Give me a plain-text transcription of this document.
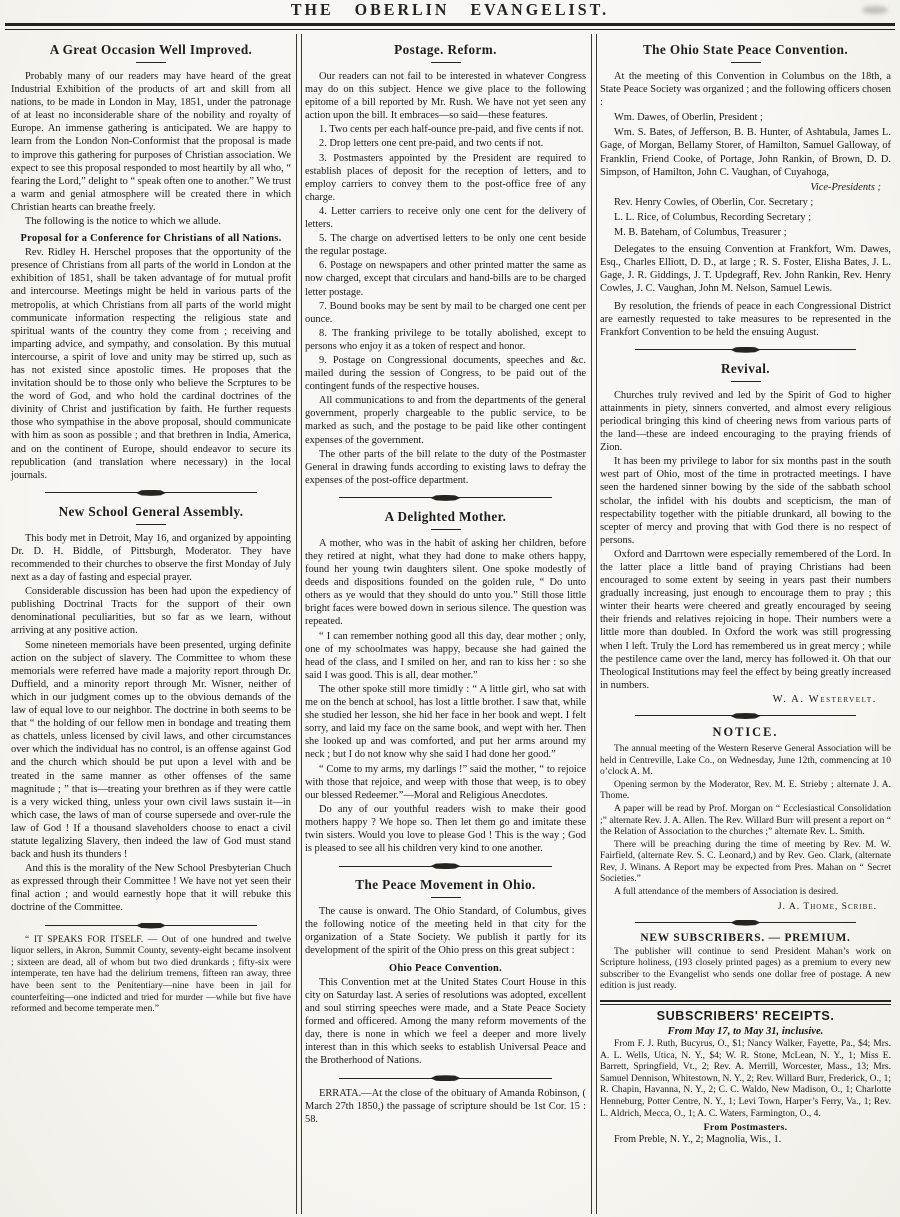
THE OBERLIN EVANGELIST.
A Great Occasion Well Improved.

Probably many of our readers may have heard of the great Industrial Exhibition of the products of art and skill from all nations, to be made in London in May, 1851, under the patronage of at least no inconsiderable share of the nobility and royalty of Europe. An immense gathering is anticipated. We are happy to learn from the London Non-Conformist that the proposal is made to improve this gathering for purposes of Christian association. We expect to see this proposal responded to most heartily by all who, “ fearing the Lord,” delight to “ speak often one to another.” We trust a warm and genial atmosphere will be created there in which Christian hearts can breathe freely.

The following is the notice to which we allude.

Proposal for a Conference for Christians of all Nations.

Rev. Ridley H. Herschel proposes that the opportunity of the presence of Christians from all parts of the world in London at the exhibition of 1851, shall be taken advantage of for mutual profit and intercourse. Meetings might be held in various parts of the metropolis, at which Christians from all parts of the world might communicate information respecting the religious state and spiritual wants of the country they come from ; receiving and imparting advice, and sympathy, and consolation. By this mutual intercourse, a spirit of love and unity may be stirred up, such as has not existed since apostolic times. He proposes that the invitation should be to those only who believe the Scrptures to be the word of God, and who hold the cardinal doctrines of the divinity of Christ and justification by faith. He further requests those who sympathise in the above proposal, should communicate with him as soon as possible ; and that brethren in India, America, and on the continent of Europe, should endeavor to secure its republication (and translation where necessary) in the local journals.

New School General Assembly.

This body met in Detroit, May 16, and organized by appointing Dr. D. H. Biddle, of Pittsburgh, Moderator. They have recommended to their churches to observe the first Monday of July next as a day of fasting and especial prayer.

Considerable discussion has been had upon the expediency of publishing Doctrinal Tracts for the support of their own denominational peculiarities, but so far as we learn, without arriving at any positive action.

Some nineteen memorials have been presented, urging definite action on the subject of slavery. The Committee to whom these memorials were referred have made a majority report through Dr. Duffield, and a minority report through Mr. Wisner, neither of which in our judgment comes up to the obvious demands of the law of equal love to our neighbor. The doctrine in both seems to be that “ the holding of our fellow men in bondage and treating them as chattels, unless licensed by civil laws, and other circumstances over which the individual has no control, is an offense against God and the church which should be put upon a level with and be treated in the same manner as other offenses of the same magnitude ; ” that is—treating your brethren as if they were cattle is a very wicked thing, unless your own civil laws sustain it—in which case, the laws of man of course supersede and over-rule the law of God ! If a thousand slaveholders choose to enact a civil statute legalizing Slavery, then indeed the law of God must stand back and hush its thunders !

And this is the morality of the New School Presbyterian Chuch as expressed through their Committee ! We have not yet seen their final action ; and would earnestly hope that it will rebuke this doctrine of the Committee.

“ IT SPEAKS FOR ITSELF. — Out of one hundred and twelve liquor sellers, in Akron, Summit County, seventy-eight became insolvent ; sixteen are dead, all of whom but two died drunkards ; fifty-six were intemperate, ten have had the delirium tremens, fifteen ran away, three have been sent to the Penitentiary—nine have been in jail for counterfeiting—one indicted and tried for murder —while but five have reformed and become temperate men.”

Postage. Reform.

Our readers can not fail to be interested in whatever Congress may do on this subject. Hence we give place to the following epitome of a bill reported by Mr. Rush. We have not yet seen any action upon the bill. It embraces—so said—these features.

1. Two cents per each half-ounce pre-paid, and five cents if not.

2. Drop letters one cent pre-paid, and two cents if not.

3. Postmasters appointed by the President are required to establish places of deposit for the reception of letters, and to employ carriers to convey them to the post-office free of any charge.

4. Letter carriers to receive only one cent for the delivery of letters.

5. The charge on advertised letters to be only one cent beside the regular postage.

6. Postage on newspapers and other printed matter the same as now charged, except that circulars and hand-bills are to be charged letter postage.

7. Bound books may be sent by mail to be charged one cent per ounce.

8. The franking privilege to be totally abolished, except to persons who enjoy it as a token of respect and honor.

9. Postage on Congressional documents, speeches and &c. mailed during the session of Congress, to be paid out of the contingent funds of the respective houses.

All communications to and from the departments of the general government, properly chargeable to the public service, to be marked as such, and the postage to be paid like other contingent expenses of the government.

The other parts of the bill relate to the duty of the Postmaster General in drawing funds according to existing laws to defray the expenses of the post-office department.

A Delighted Mother.

A mother, who was in the habit of asking her children, before they retired at night, what they had done to make others happy, found her young twin daughters silent. One spoke modestly of deeds and dispositions founded on the golden rule, “ Do unto others as ye would that they should do unto you.” Still those little bright faces were bowed down in serious silence. The question was repeated.

“ I can remember nothing good all this day, dear mother ; only, one of my schoolmates was happy, because she had gained the head of the class, and I smiled on her, and ran to kiss her : so she said I was good. This is all, dear mother.”

The other spoke still more timidly : “ A little girl, who sat with me on the bench at school, has lost a little brother. I saw that, while she studied her lesson, she hid her face in her book and wept. I felt sorry, and laid my face on the same book, and wept with her. Then she looked up and was comforted, and put her arms around my neck ; but I do not know why she said I had done her good.”

“ Come to my arms, my darlings !” said the mother, “ to rejoice with those that rejoice, and weep with those that weep, is to obey our blessed Redeemer.”—Moral and Religious Anecdotes.

Do any of our youthful readers wish to make their good mothers happy ? We hope so. Then let them go and imitate these twin sisters. Would you love to please God ! This is the way ; God is pleased to see all his children very kind to one another.

The Peace Movement in Ohio.

The cause is onward. The Ohio Standard, of Columbus, gives the following notice of the meeting held in that city for the organization of a State Society. We publish it partly for its development of the spirit of the Ohio press on this great subject :

Ohio Peace Convention.

This Convention met at the United States Court House in this city on Saturday last. A series of resolutions was adopted, excellent and soul stirring speeches were made, and a State Peace Society formed and officered. Among the many reform movements of the day, there is none in which we feel a deeper and more lively interest than in this which seeks to establish Universal Peace and the Brotherhood of Nations.

ERRATA.—At the close of the obituary of Amanda Robinson, ( March 27th 1850,) the passage of scripture should be 1st Cor. 15 : 58.

The Ohio State Peace Convention.

At the meeting of this Convention in Columbus on the 18th, a State Peace Society was organized ; and the following officers chosen :

Wm. Dawes, of Oberlin, President ;

Wm. S. Bates, of Jefferson, B. B. Hunter, of Ashtabula, James L. Gage, of Morgan, Bellamy Storer, of Hamilton, Samuel Galloway, of Franklin, Friend Cooke, of Portage, John Rankin, of Brown, D. D. Simpson, of Hamilton, John C. Vaughan, of Cuyahoga,

Vice-Presidents ;

Rev. Henry Cowles, of Oberlin, Cor. Secretary ;

L. L. Rice, of Columbus, Recording Secretary ;

M. B. Bateham, of Columbus, Treasurer ;

Delegates to the ensuing Convention at Frankfort, Wm. Dawes, Esq., Charles Elliott, D. D., at large ; R. S. Foster, Elisha Bates, J. L. Gage, J. R. Giddings, J. T. Updegraff, Rev. John Rankin, Rev. Henry Cowles, J. C. Vaughan, John M. Nelson, Samuel Lewis.

By resolution, the friends of peace in each Congressional District are earnestly requested to take measures to be represented in the Frankfort Convention to be held the ensuing August.

Revival.

Churches truly revived and led by the Spirit of God to higher attainments in piety, sinners converted, and almost every religious periodical bringing this kind of cheering news from various parts of the land—these are indeed encouraging to the praying friends of Zion.

It has been my privilege to labor for six months past in the south west part of Ohio, most of the time in protracted meetings. I have seen the hardened sinner bowing by the side of the sabbath school scholar, the infidel with his doubts and scepticism, the man of respectability together with the pitiable drunkard, all bowing to the scepter of mercy and proving that with God there is no respect of persons.

Oxford and Darrtown were especially remembered of the Lord. In the latter place a little band of praying Christians had been encouraged to some extent by seeing in years past their numbers gradually increasing, just enough to encourage them to pray ; this winter their hearts were cheered and greatly encouraged by seeing their friends and relatives rejoicing in hope. Their numbers were a little more than doubled. In Oxford the work was still progressing when I left. Truly the Lord has remembered us in great mercy ; while the pestilence came over the land, mercy has followed it. Oh that our Theological Institutions may feel the effect by being greatly increased in numbers.

W. A. Westervelt.

NOTICE.

The annual meeting of the Western Reserve General Association will be held in Centreville, Lake Co., on Wednesday, June 12th, commencing at 10 o’clock A. M.

Opening sermon by the Moderator, Rev. M. E. Strieby ; alternate J. A. Thome.

A paper will be read by Prof. Morgan on “ Ecclesiastical Consolidation ;” alternate Rev. J. A. Allen. The Rev. Willard Burr will present a report on “ the Relation of Association to the churches ;” alternate Rev. L. Smith.

There will be preaching during the time of meeting by Rev. M. W. Fairfield, (alternate Rev. S. C. Leonard,) and by Rev. Geo. Clark, (alternate Rev, J. Winans. A Report may be expected from Pres. Mahan on “ Secret Societies.”

A full attendance of the members of Association is desired.

J. A. Thome, Scribe.

NEW SUBSCRIBERS. — PREMIUM.

The publisher will continue to send President Mahan’s work on Scripture holiness, (193 closely printed pages) as a premium to every new subscriber to the Evangelist who sends one dollar free of postage. A new edition is just ready.

SUBSCRIBERS' RECEIPTS.
From May 17, to May 31, inclusive.

From F. J. Ruth, Bucyrus, O., $1; Nancy Walker, Fayette, Pa., $4; Mrs. A. L. Wells, Utica, N. Y., $4; W. R. Stone, McLean, N. Y., 1; Miss E. Barrett, Springfield, Vt., 2; Rev. A. Merrill, Worcester, Mass., 13; Mrs. Samuel Dennison, Whitestown, N. Y., 2; Rev. Willard Burr, Frederick, O., 1; R. Chapin, Havanna, N. Y., 2; C. C. Waldo, New Madison, O., 1; Charlotte Henneburg, Potter Centre, N. Y., 1; Levi Town, Harper’s Ferry, Va., 1; Rev. L. Aldrich, Mecca, O., 1; A. C. Waters, Farmington, O., 4.

From Postmasters.

From Preble, N. Y., 2; Magnolia, Wis., 1.
